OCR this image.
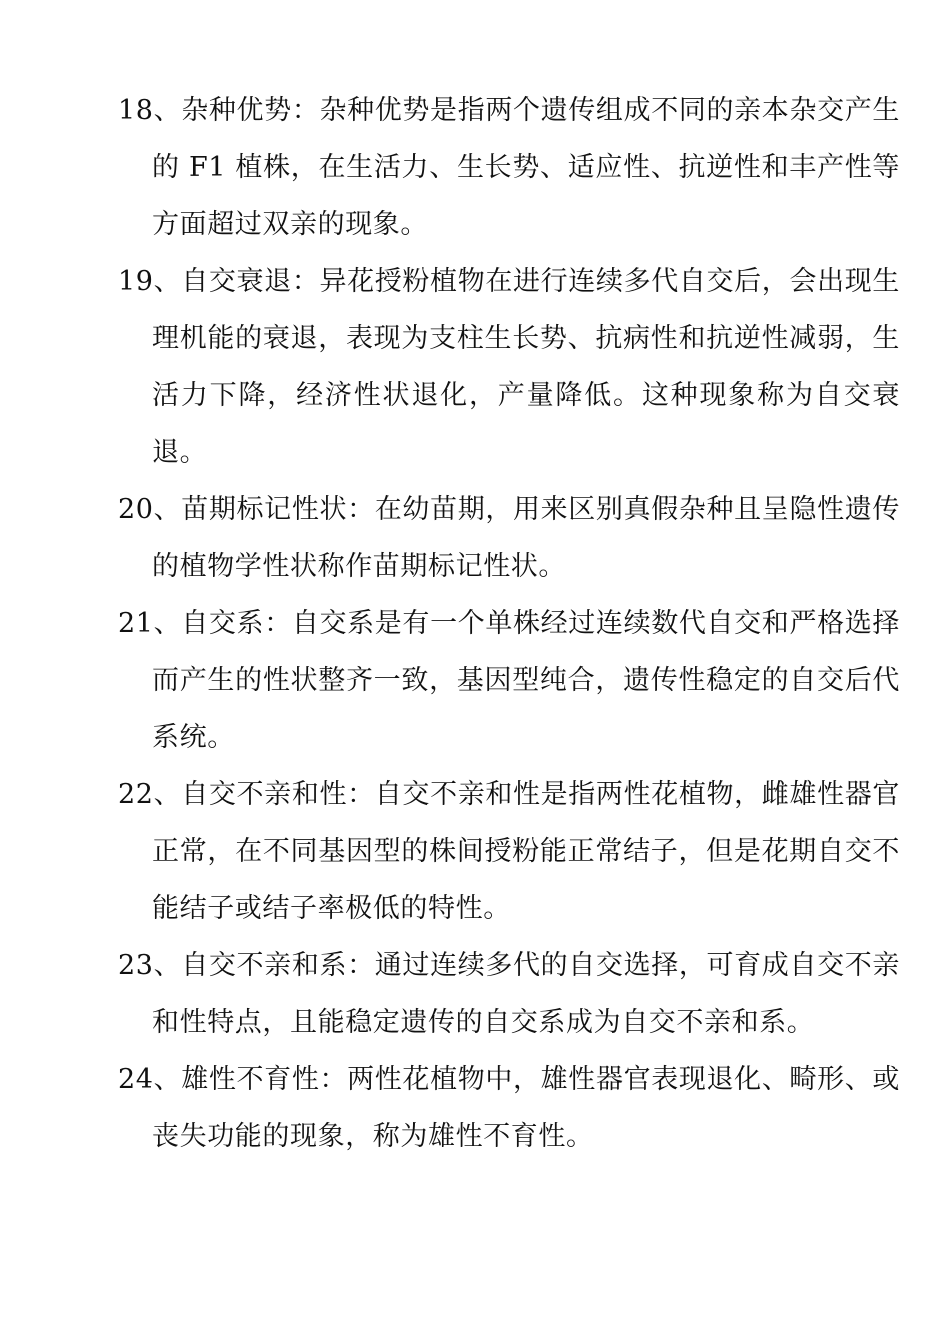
18、杂种优势：杂种优势是指两个遗传组成不同的亲本杂交产生的 F1 植株，在生活力、生长势、适应性、抗逆性和丰产性等方面超过双亲的现象。

19、自交衰退：异花授粉植物在进行连续多代自交后，会出现生理机能的衰退，表现为支柱生长势、抗病性和抗逆性减弱，生活力下降，经济性状退化，产量降低。这种现象称为自交衰退。

20、苗期标记性状：在幼苗期，用来区别真假杂种且呈隐性遗传的植物学性状称作苗期标记性状。

21、自交系：自交系是有一个单株经过连续数代自交和严格选择而产生的性状整齐一致，基因型纯合，遗传性稳定的自交后代系统。

22、自交不亲和性：自交不亲和性是指两性花植物，雌雄性器官正常，在不同基因型的株间授粉能正常结子，但是花期自交不能结子或结子率极低的特性。

23、自交不亲和系：通过连续多代的自交选择，可育成自交不亲和性特点，且能稳定遗传的自交系成为自交不亲和系。

24、雄性不育性：两性花植物中，雄性器官表现退化、畸形、或丧失功能的现象，称为雄性不育性。
